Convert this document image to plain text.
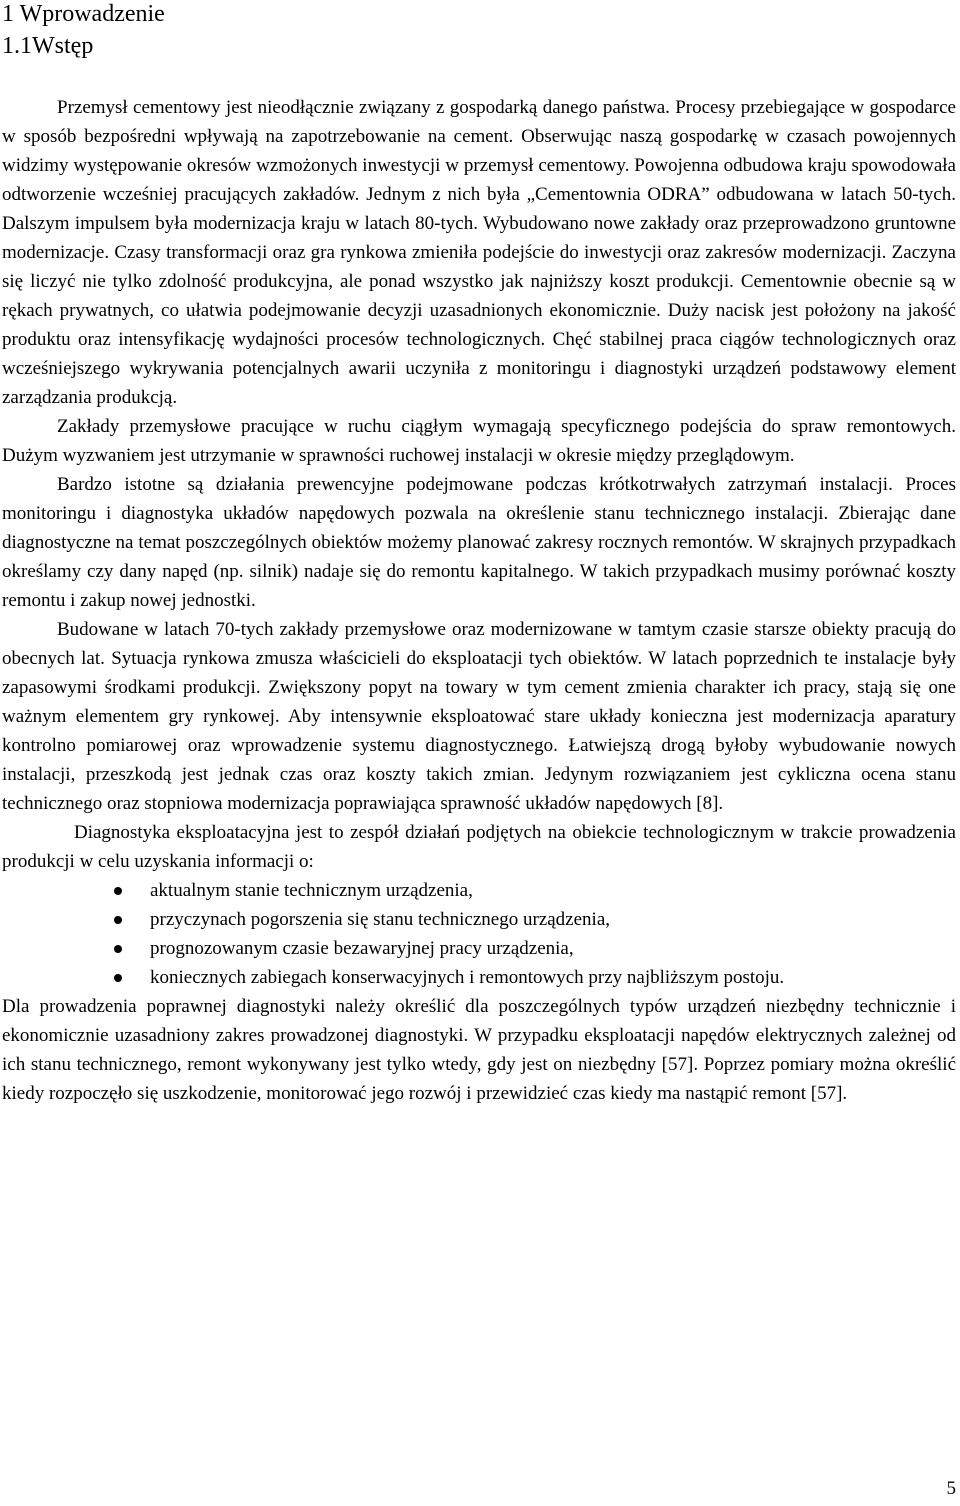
1 Wprowadzenie
1.1Wstęp

Przemysł cementowy jest nieodłącznie związany z gospodarką danego państwa. Procesy przebiegające w gospodarce w sposób bezpośredni wpływają na zapotrzebowanie na cement. Obserwując naszą gospodarkę w czasach powojennych widzimy występowanie okresów wzmożonych inwestycji w przemysł cementowy. Powojenna odbudowa kraju spowodowała odtworzenie wcześniej pracujących zakładów. Jednym z nich była „Cementownia ODRA” odbudowana w latach 50-tych. Dalszym impulsem była modernizacja kraju w latach 80-tych. Wybudowano nowe zakłady oraz przeprowadzono gruntowne modernizacje. Czasy transformacji oraz gra rynkowa zmieniła podejście do inwestycji oraz zakresów modernizacji. Zaczyna się liczyć nie tylko zdolność produkcyjna, ale ponad wszystko jak najniższy koszt produkcji. Cementownie obecnie są w rękach prywatnych, co ułatwia podejmowanie decyzji uzasadnionych ekonomicznie. Duży nacisk jest położony na jakość produktu oraz intensyfikację wydajności procesów technologicznych. Chęć stabilnej praca ciągów technologicznych oraz wcześniejszego wykrywania potencjalnych awarii uczyniła z monitoringu i diagnostyki urządzeń podstawowy element zarządzania produkcją.

Zakłady przemysłowe pracujące w ruchu ciągłym wymagają specyficznego podejścia do spraw remontowych. Dużym wyzwaniem jest utrzymanie w sprawności ruchowej instalacji w okresie między przeglądowym.

Bardzo istotne są działania prewencyjne podejmowane podczas krótkotrwałych zatrzymań instalacji. Proces monitoringu i diagnostyka układów napędowych pozwala na określenie stanu technicznego instalacji. Zbierając dane diagnostyczne na temat poszczególnych obiektów możemy planować zakresy rocznych remontów. W skrajnych przypadkach określamy czy dany napęd (np. silnik) nadaje się do remontu kapitalnego. W takich przypadkach musimy porównać koszty remontu i zakup nowej jednostki.

Budowane w latach 70-tych zakłady przemysłowe oraz modernizowane w tamtym czasie starsze obiekty pracują do obecnych lat. Sytuacja rynkowa zmusza właścicieli do eksploatacji tych obiektów. W latach poprzednich te instalacje były zapasowymi środkami produkcji. Zwiększony popyt na towary w tym cement zmienia charakter ich pracy, stają się one ważnym elementem gry rynkowej. Aby intensywnie eksploatować stare układy konieczna jest modernizacja aparatury kontrolno pomiarowej oraz wprowadzenie systemu diagnostycznego. Łatwiejszą drogą byłoby wybudowanie nowych instalacji, przeszkodą jest jednak czas oraz koszty takich zmian. Jedynym rozwiązaniem jest cykliczna ocena stanu technicznego oraz stopniowa modernizacja poprawiająca sprawność układów napędowych [8].

Diagnostyka eksploatacyjna jest to zespół działań podjętych na obiekcie technologicznym w trakcie prowadzenia produkcji w celu uzyskania informacji o:

aktualnym stanie technicznym urządzenia,
przyczynach pogorszenia się stanu technicznego urządzenia,
prognozowanym czasie bezawaryjnej pracy urządzenia,
koniecznych zabiegach konserwacyjnych i remontowych przy najbliższym postoju.

Dla prowadzenia poprawnej diagnostyki należy określić dla poszczególnych typów urządzeń niezbędny technicznie i ekonomicznie uzasadniony zakres prowadzonej diagnostyki. W przypadku eksploatacji napędów elektrycznych zależnej od ich stanu technicznego, remont wykonywany jest tylko wtedy, gdy jest on niezbędny [57]. Poprzez pomiary można określić kiedy rozpoczęło się uszkodzenie, monitorować jego rozwój i przewidzieć czas kiedy ma nastąpić remont [57].

5
